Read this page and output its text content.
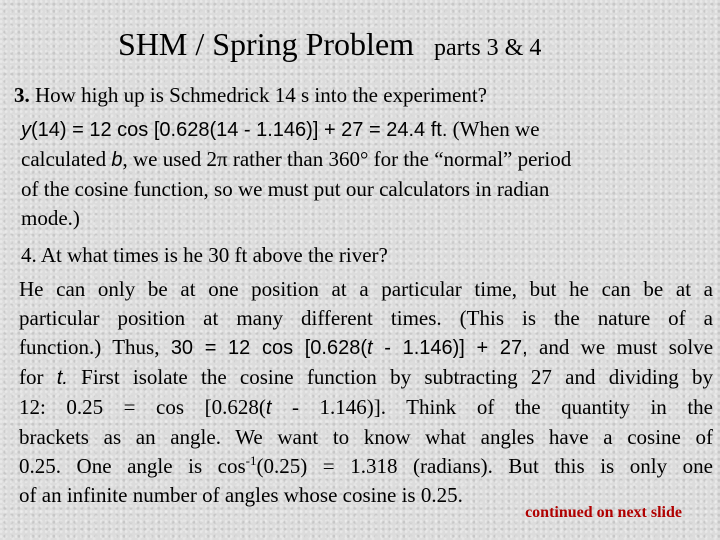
SHM / Spring Problem parts 3 & 4
3. How high up is Schmedrick 14 s into the experiment?
y(14) = 12 cos [0.628(14 - 1.146)] + 27 = 24.4 ft. (When we
calculated b, we used 2π rather than 360° for the “normal” period
of the cosine function, so we must put our calculators in radian
mode.)
4. At what times is he 30 ft above the river?
He can only be at one position at a particular time, but he can be at a
particular position at many different times. (This is the nature of a
function.) Thus, 30 = 12 cos [0.628(t - 1.146)] + 27, and we must solve
for t. First isolate the cosine function by subtracting 27 and dividing by
12: 0.25 = cos [0.628(t - 1.146)]. Think of the quantity in the
brackets as an angle. We want to know what angles have a cosine of
0.25. One angle is $\cos^{-1}(0.25) = 1.318$ (radians). But this is only one
of an infinite number of angles whose cosine is 0.25.
continued on next slide
